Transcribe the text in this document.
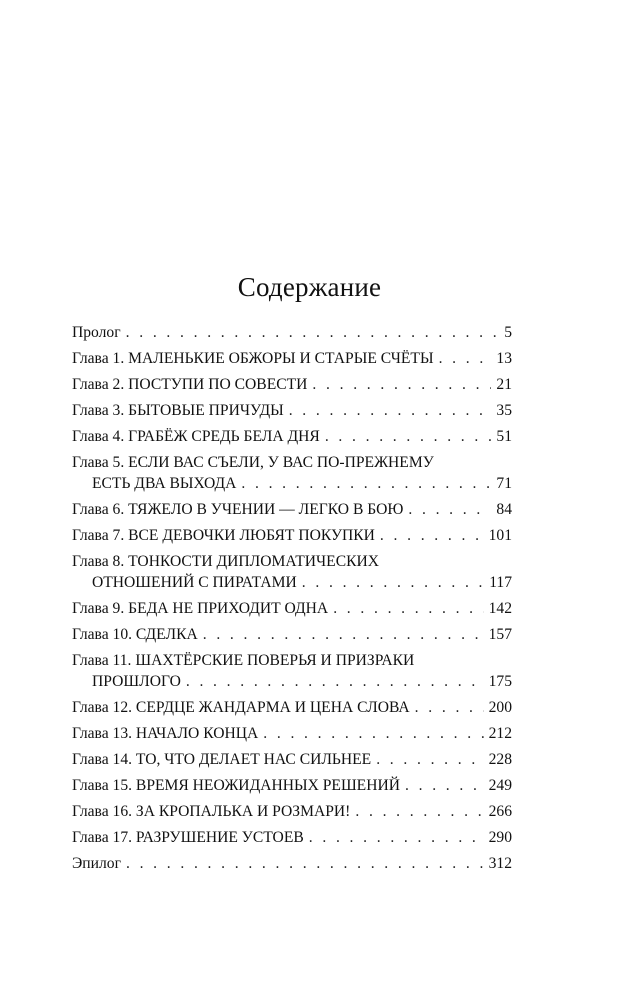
Содержание
Пролог . . .	5
Глава 1. МАЛЕНЬКИЕ ОБЖОРЫ И СТАРЫЕ СЧЁТЫ . . .	13
Глава 2. ПОСТУПИ ПО СОВЕСТИ . . .	21
Глава 3. БЫТОВЫЕ ПРИЧУДЫ . . .	35
Глава 4. ГРАБЁЖ СРЕДЬ БЕЛА ДНЯ . . .	51
Глава 5. ЕСЛИ ВАС СЪЕЛИ, У ВАС ПО-ПРЕЖНЕМУ
ЕСТЬ ДВА ВЫХОДА . . .	71
Глава 6. ТЯЖЕЛО В УЧЕНИИ — ЛЕГКО В БОЮ . . .	84
Глава 7. ВСЕ ДЕВОЧКИ ЛЮБЯТ ПОКУПКИ . . .	101
Глава 8. ТОНКОСТИ ДИПЛОМАТИЧЕСКИХ
ОТНОШЕНИЙ С ПИРАТАМИ . . .	117
Глава 9. БЕДА НЕ ПРИХОДИТ ОДНА . . .	142
Глава 10. СДЕЛКА . . .	157
Глава 11. ШАХТЁРСКИЕ ПОВЕРЬЯ И ПРИЗРАКИ
ПРОШЛОГО . . .	175
Глава 12. СЕРДЦЕ ЖАНДАРМА И ЦЕНА СЛОВА . . .	200
Глава 13. НАЧАЛО КОНЦА . . .	212
Глава 14. ТО, ЧТО ДЕЛАЕТ НАС СИЛЬНЕЕ . . .	228
Глава 15. ВРЕМЯ НЕОЖИДАННЫХ РЕШЕНИЙ . . .	249
Глава 16. ЗА КРОПАЛЬКА И РОЗМАРИ! . . .	266
Глава 17. РАЗРУШЕНИЕ УСТОЕВ . . .	290
Эпилог . . .	312
